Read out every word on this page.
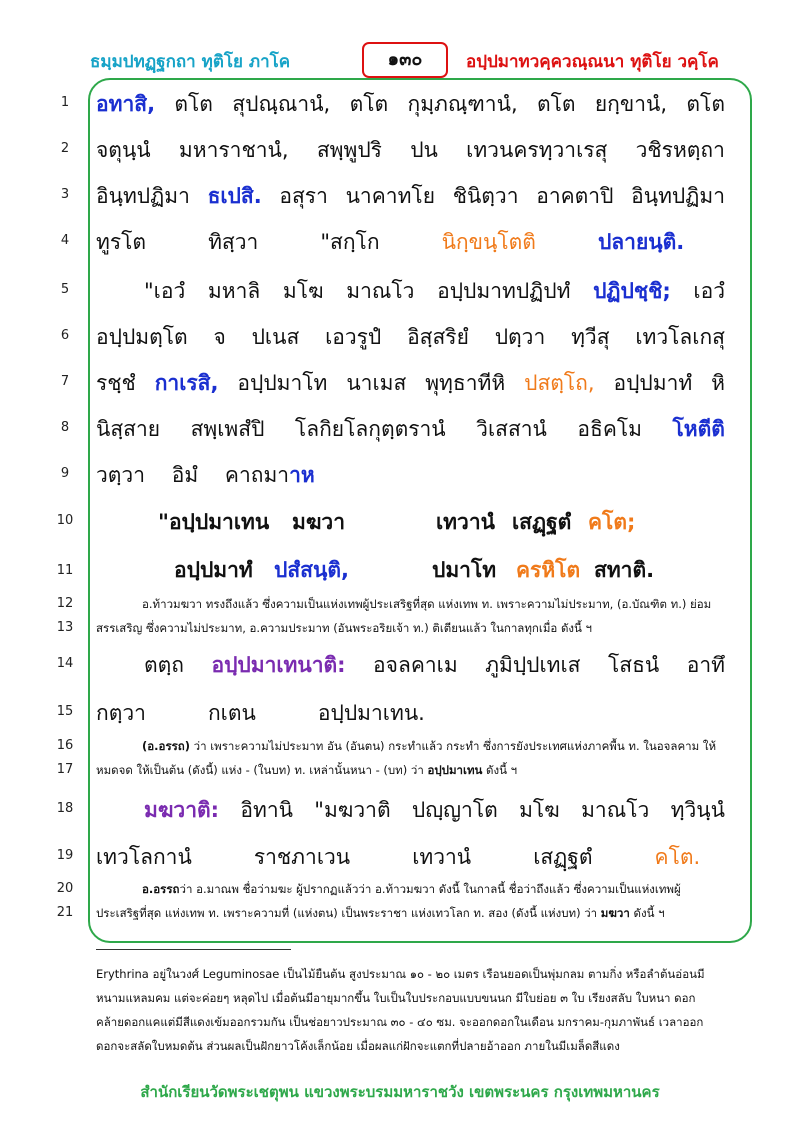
ธมฺมปทฏฺฐกถา ทุติโย ภาโค	๑๓๐	อปฺปมาทวคฺควณฺณนา ทุติโย วคฺโค
1
2
3
4
5
6
7
8
9
10
11
12
13
14
15
16
17
18
19
20
21
อทาสิ, ตโต สุปณฺณานํ, ตโต กุมฺภณฺฑานํ, ตโต ยกฺขานํ, ตโต
จตุนฺนํ มหาราชานํ, สพฺพูปริ ปน เทวนครทฺวาเรสุ วชิรหตฺถา
อินฺทปฏิมา ธเปสิ. อสุรา นาคาทโย ชินิตฺวา อาคตาปิ อินฺทปฏิมา
ทูรโต	ทิสฺวา	"สกฺโก	นิกฺขนฺโตติ	ปลายนฺติ.
"เอวํ มหาลิ มโฆ มาณโว อปฺปมาทปฏิปทํ ปฏิปชฺชิ; เอวํ
อปฺปมตฺโต จ ปเนส เอวรูปํ อิสฺสริยํ ปตฺวา ทฺวีสุ เทวโลเกสุ
รชฺชํ กาเรสิ, อปฺปมาโท นาเมส พุทฺธาทีหิ ปสตฺโถ, อปฺปมาทํ หิ
นิสฺสาย สพฺเพสํปิ โลกิยโลกุตฺตรานํ วิเสสานํ อธิคโม โหตีติ
วตฺวา อิมํ คาถมาาห
"อปฺปมาเทน มฆวา	เทวานํ เสฏฺฐตํ คโต;
อปฺปมาทํ ปสํสนฺติ,	ปมาโท ครหิโต สทาติ.
อ.ท้าวมฆวา ทรงถึงแล้ว ซึ่งความเป็นแห่งเทพผู้ประเสริฐที่สุด แห่งเทพ ท. เพราะความไม่ประมาท, (อ.บัณฑิต ท.) ย่อม
สรรเสริญ ซึ่งความไม่ประมาท, อ.ความประมาท (อันพระอริยเจ้า ท.) ติเตียนแล้ว ในกาลทุกเมื่อ ดังนี้ ฯ
ตตฺถ อปฺปมาเทนาติ: อจลคาเม ภูมิปฺปเทเส โสธนํ อาทึ
กตฺวา	กเตน	อปฺปมาเทน.
(อ.อรรถ) ว่า เพราะความไม่ประมาท อัน (อันตน) กระทำแล้ว กระทำ ซึ่งการยังประเทศแห่งภาคพื้น ท. ในอจลคาม ให้
หมดจด ให้เป็นต้น (ดังนี้) แห่ง - (ในบท) ท. เหล่านั้นหนา - (บท) ว่า อปฺปมาเทน ดังนี้ ฯ
มฆวาติ: อิทานิ "มฆวาติ ปญฺญาโต มโฆ มาณโว ทฺวินฺนํ
เทวโลกานํ	ราชภาเวน	เทวานํ	เสฏฺฐตํ	คโต.
อ.อรรถว่า อ.มาณพ ชื่อว่ามฆะ ผู้ปรากฏแล้วว่า อ.ท้าวมฆวา ดังนี้ ในกาลนี้ ชื่อว่าถึงแล้ว ซึ่งความเป็นแห่งเทพผู้
ประเสริฐที่สุด แห่งเทพ ท. เพราะความที่ (แห่งตน) เป็นพระราชา แห่งเทวโลก ท. สอง (ดังนี้ แห่งบท) ว่า มฆวา ดังนี้ ฯ
Erythrina อยู่ในวงศ์ Leguminosae เป็นไม้ยืนต้น สูงประมาณ ๑๐ - ๒๐ เมตร เรือนยอดเป็นพุ่มกลม ตามกิ่ง หรือลำต้นอ่อนมี
หนามแหลมคม แต่จะค่อยๆ หลุดไป เมื่อต้นมีอายุมากขึ้น ใบเป็นใบประกอบแบบขนนก มีใบย่อย ๓ ใบ เรียงสลับ ใบหนา ดอก
คล้ายดอกแคแต่มีสีแดงเข้มออกรวมกัน เป็นช่อยาวประมาณ ๓๐ - ๔๐ ซม. จะออกดอกในเดือน มกราคม-กุมภาพันธ์ เวลาออก
ดอกจะสลัดใบหมดต้น ส่วนผลเป็นฝักยาวโค้งเล็กน้อย เมื่อผลแก่ฝักจะแตกที่ปลายอ้าออก ภายในมีเมล็ดสีแดง
สำนักเรียนวัดพระเชตุพน แขวงพระบรมมหาราชวัง เขตพระนคร กรุงเทพมหานคร
